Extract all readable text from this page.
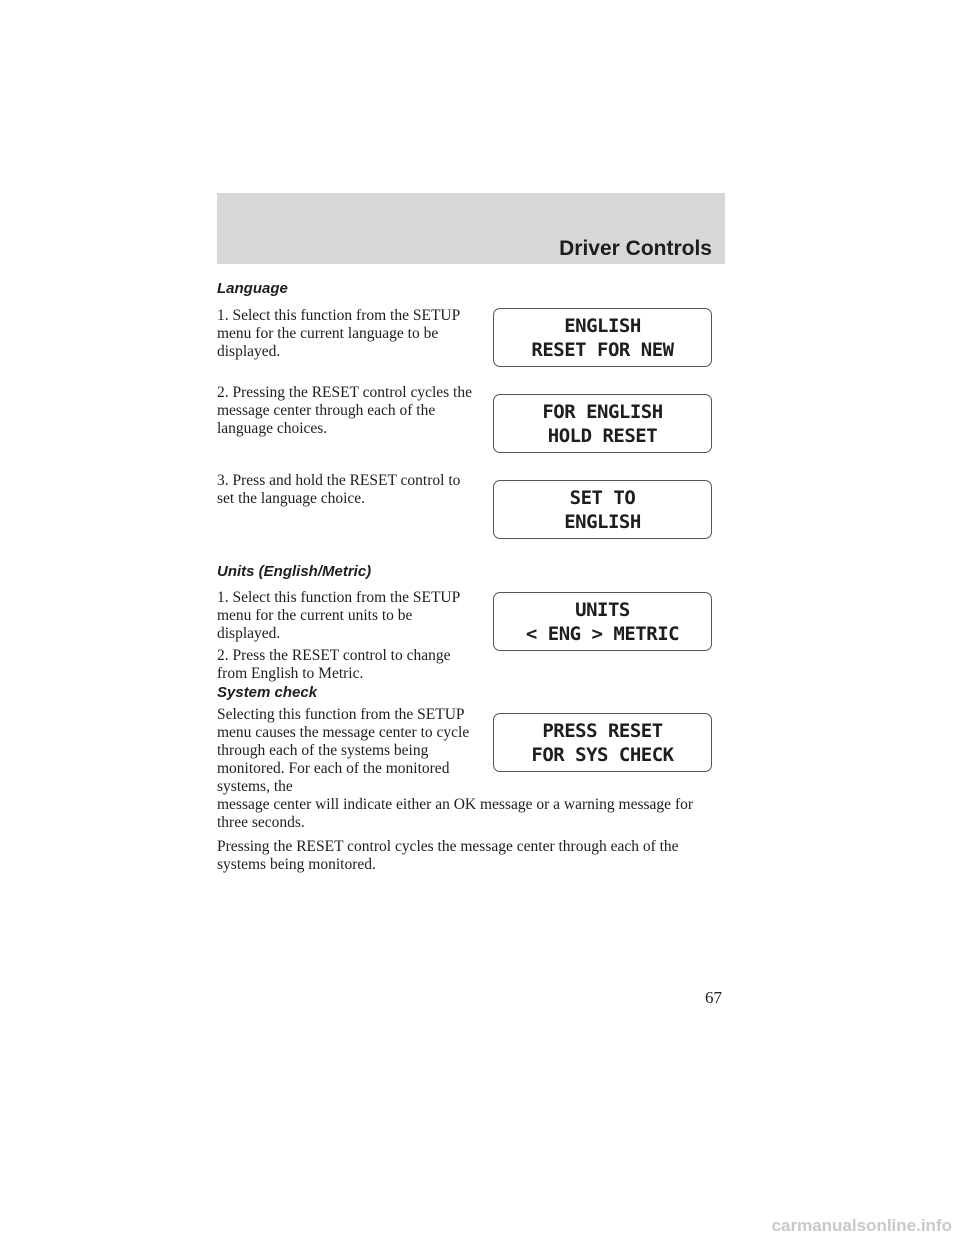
Driver Controls
Language

1. Select this function from the SETUP menu for the current language to be displayed.

2. Pressing the RESET control cycles the message center through each of the language choices.

3. Press and hold the RESET control to set the language choice.

ENGLISH
RESET FOR NEW
FOR ENGLISH
HOLD RESET
SET TO
ENGLISH
Units (English/Metric)

1. Select this function from the SETUP menu for the current units to be displayed.

2. Press the RESET control to change from English to Metric.

UNITS
< ENG > METRIC
System check

Selecting this function from the SETUP menu causes the message center to cycle through each of the systems being monitored. For each of the monitored systems, the

message center will indicate either an OK message or a warning message for three seconds.

Pressing the RESET control cycles the message center through each of the systems being monitored.

PRESS RESET
FOR SYS CHECK
67
carmanualsonline.info
